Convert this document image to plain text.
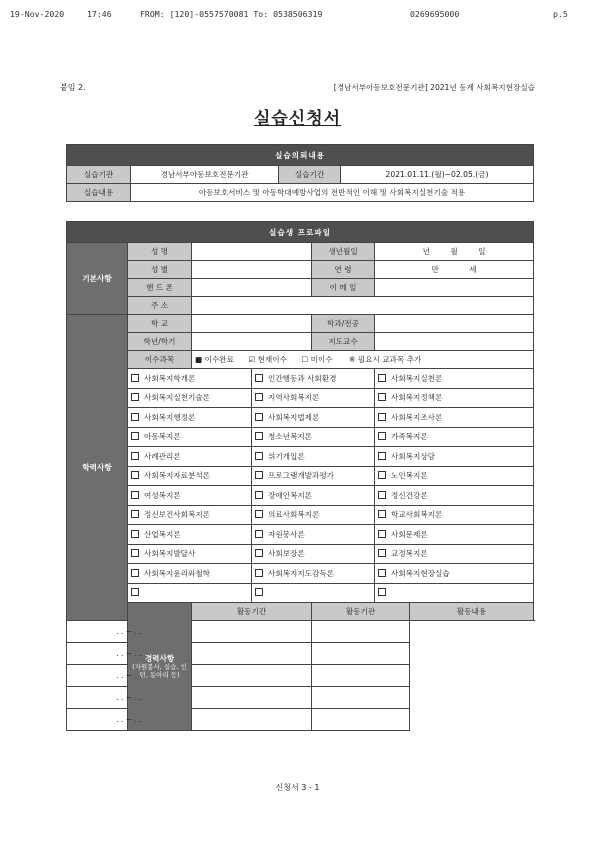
19-Nov-2020	17:46	FROM: [120]-0557570081 To: 0538506319	0269695000	p.5
붙임 2.	[경남서부아동보호전문기관] 2021년 동계 사회복지현장실습
실습신청서
실습의뢰내용			
실습기관	경남서부아동보호전문기관	실습기간	2021.01.11.(월)~02.05.(금)
실습내용	아동보호서비스 및 아동학대예방사업의 전반적인 이해 및 사회복지실천기술 적용		
실습생 프로파일						
기본사항	성 명			생년월일	년 월 일	
	성 별			연 령	만 세	
	핸 드 폰			이 메 일		
	주 소					
학력사항	학 교			학과/전공		
	학년/학기			지도교수		
	이수과목	■ 이수완료 ☑ 현재이수 ☐ 미이수 ※ 필요시 교과목 추가				
	사회복지학개론		인간행동과 사회환경		사회복지실천론	
	사회복지실천기술론		지역사회복지론		사회복지정책론	
	사회복지행정론		사회복지법제론		사회복지조사론	
	아동복지론		청소년복지론		가족복지론	
	사례관리론		위기개입론		사회복지상담	
	사회복지자료분석론		프로그램개발과평가		노인복지론	
	여성복지론		장애인복지론		정신건강론	
	정신보건사회복지론		의료사회복지론		학교사회복지론	
	산업복지론		자원봉사론		사회문제론	
	사회복지발달사		사회보장론		교정복지론	
	사회복지윤리와철학		사회복지지도감독론		사회복지현장실습	

	경력사항
(자원봉사, 실습, 인턴, 동아리 등)	활동기간		활동기관		활동내용
. . ~ . .						
. . ~ . .						
. . ~ . .						
. . ~ . .						
. . ~ . .						
신청서 3 - 1
